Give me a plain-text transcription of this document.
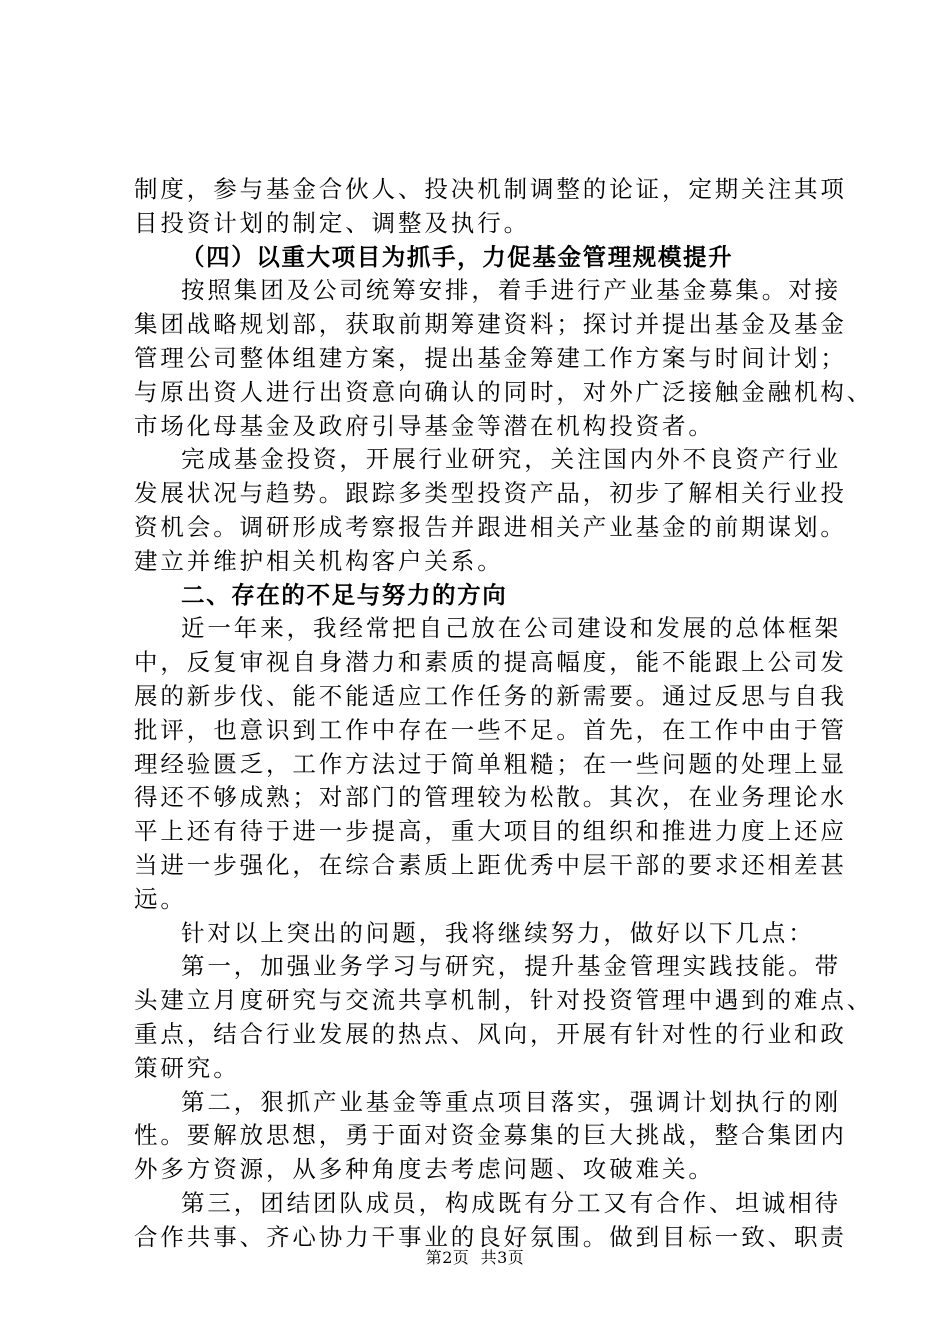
制度，参与基金合伙人、投决机制调整的论证，定期关注其项
目投资计划的制定、调整及执行。
（四）以重大项目为抓手，力促基金管理规模提升
按照集团及公司统筹安排，着手进行产业基金募集。对接
集团战略规划部，获取前期筹建资料；探讨并提出基金及基金
管理公司整体组建方案，提出基金筹建工作方案与时间计划；
与原出资人进行出资意向确认的同时，对外广泛接触金融机构、
市场化母基金及政府引导基金等潜在机构投资者。
完成基金投资，开展行业研究，关注国内外不良资产行业
发展状况与趋势。跟踪多类型投资产品，初步了解相关行业投
资机会。调研形成考察报告并跟进相关产业基金的前期谋划。
建立并维护相关机构客户关系。
二、存在的不足与努力的方向
近一年来，我经常把自己放在公司建设和发展的总体框架
中，反复审视自身潜力和素质的提高幅度，能不能跟上公司发
展的新步伐、能不能适应工作任务的新需要。通过反思与自我
批评，也意识到工作中存在一些不足。首先，在工作中由于管
理经验匮乏，工作方法过于简单粗糙；在一些问题的处理上显
得还不够成熟；对部门的管理较为松散。其次，在业务理论水
平上还有待于进一步提高，重大项目的组织和推进力度上还应
当进一步强化，在综合素质上距优秀中层干部的要求还相差甚
远。
针对以上突出的问题，我将继续努力，做好以下几点：
第一，加强业务学习与研究，提升基金管理实践技能。带
头建立月度研究与交流共享机制，针对投资管理中遇到的难点、
重点，结合行业发展的热点、风向，开展有针对性的行业和政
策研究。
第二，狠抓产业基金等重点项目落实，强调计划执行的刚
性。要解放思想，勇于面对资金募集的巨大挑战，整合集团内
外多方资源，从多种角度去考虑问题、攻破难关。
第三，团结团队成员，构成既有分工又有合作、坦诚相待
合作共事、齐心协力干事业的良好氛围。做到目标一致、职责
第2页  共3页
